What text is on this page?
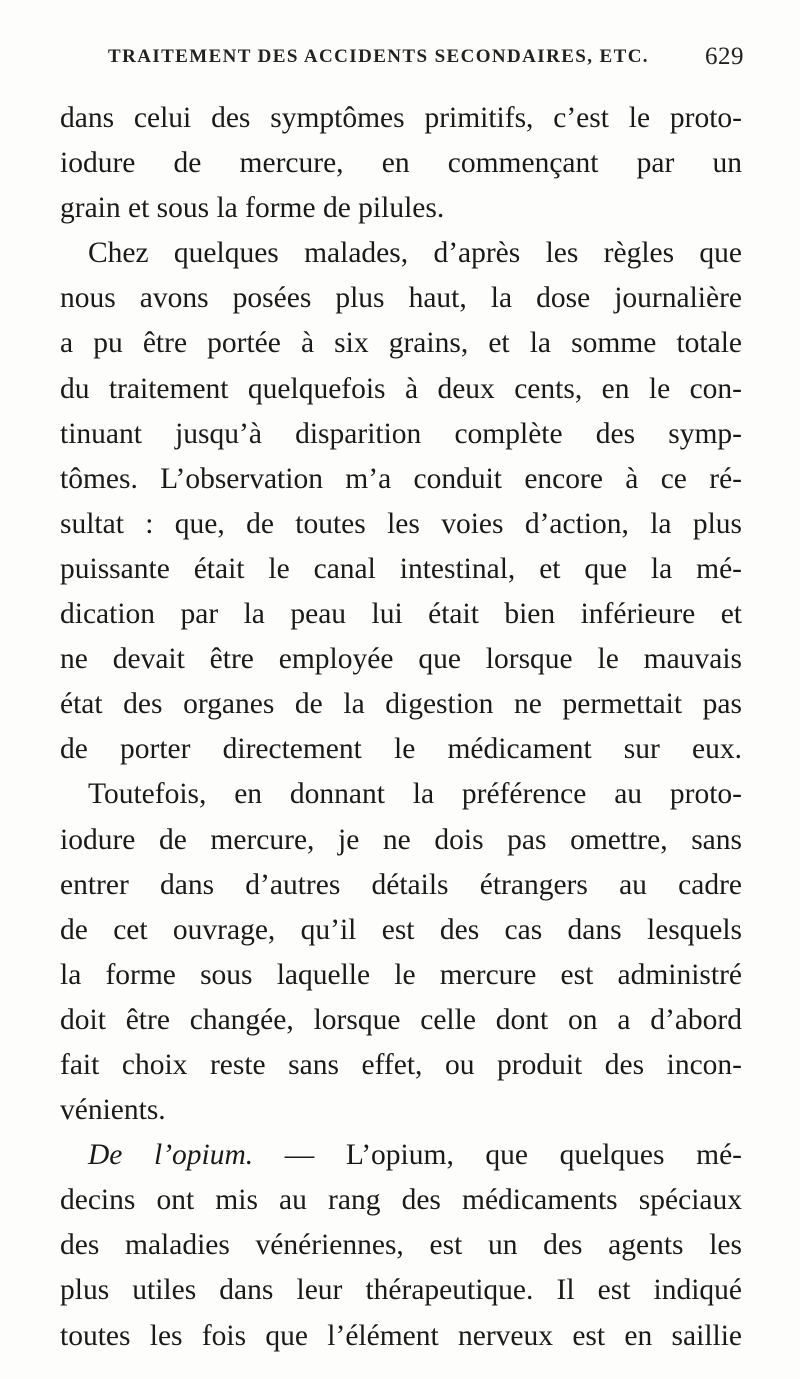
TRAITEMENT DES ACCIDENTS SECONDAIRES, ETC. 629
dans celui des symptômes primitifs, c’est le proto-
iodure de mercure, en commençant par un
grain et sous la forme de pilules.
Chez quelques malades, d’après les règles que
nous avons posées plus haut, la dose journalière
a pu être portée à six grains, et la somme totale
du traitement quelquefois à deux cents, en le con-
tinuant jusqu’à disparition complète des symp-
tômes. L’observation m’a conduit encore à ce ré-
sultat : que, de toutes les voies d’action, la plus
puissante était le canal intestinal, et que la mé-
dication par la peau lui était bien inférieure et
ne devait être employée que lorsque le mauvais
état des organes de la digestion ne permettait pas
de porter directement le médicament sur eux.
Toutefois, en donnant la préférence au proto-
iodure de mercure, je ne dois pas omettre, sans
entrer dans d’autres détails étrangers au cadre
de cet ouvrage, qu’il est des cas dans lesquels
la forme sous laquelle le mercure est administré
doit être changée, lorsque celle dont on a d’abord
fait choix reste sans effet, ou produit des incon-
vénients.
De l’opium. — L’opium, que quelques mé-
decins ont mis au rang des médicaments spéciaux
des maladies vénériennes, est un des agents les
plus utiles dans leur thérapeutique. Il est indiqué
toutes les fois que l’élément nerveux est en saillie
